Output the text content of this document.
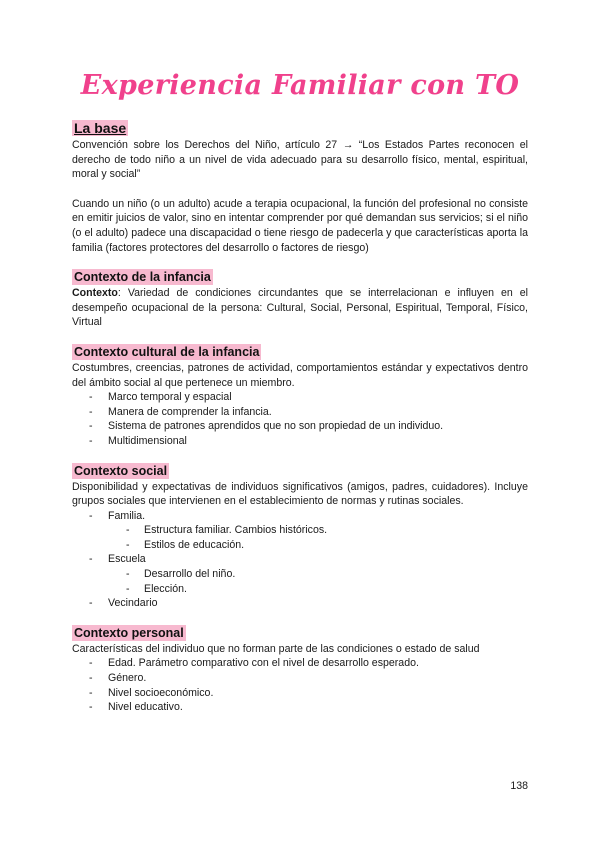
Experiencia Familiar con TO
La base

Convención sobre los Derechos del Niño, artículo 27 → “Los Estados Partes reconocen el derecho de todo niño a un nivel de vida adecuado para su desarrollo físico, mental, espiritual, moral y social”

Cuando un niño (o un adulto) acude a terapia ocupacional, la función del profesional no consiste en emitir juicios de valor, sino en intentar comprender por qué demandan sus servicios; si el niño (o el adulto) padece una discapacidad o tiene riesgo de padecerla y que características aporta la familia (factores protectores del desarrollo o factores de riesgo)

Contexto de la infancia

Contexto: Variedad de condiciones circundantes que se interrelacionan e influyen en el desempeño ocupacional de la persona: Cultural, Social, Personal, Espiritual, Temporal, Físico, Virtual

Contexto cultural de la infancia

Costumbres, creencias, patrones de actividad, comportamientos estándar y expectativos dentro del ámbito social al que pertenece un miembro.

- Marco temporal y espacial
- Manera de comprender la infancia.
- Sistema de patrones aprendidos que no son propiedad de un individuo.
- Multidimensional
Contexto social

Disponibilidad y expectativas de individuos significativos (amigos, padres, cuidadores). Incluye grupos sociales que intervienen en el establecimiento de normas y rutinas sociales.

- Familia.
- Estructura familiar. Cambios históricos.
- Estilos de educación.
- Escuela
- Desarrollo del niño.
- Elección.
- Vecindario
Contexto personal

Características del individuo que no forman parte de las condiciones o estado de salud

- Edad. Parámetro comparativo con el nivel de desarrollo esperado.
- Género.
- Nivel socioeconómico.
- Nivel educativo.
138
